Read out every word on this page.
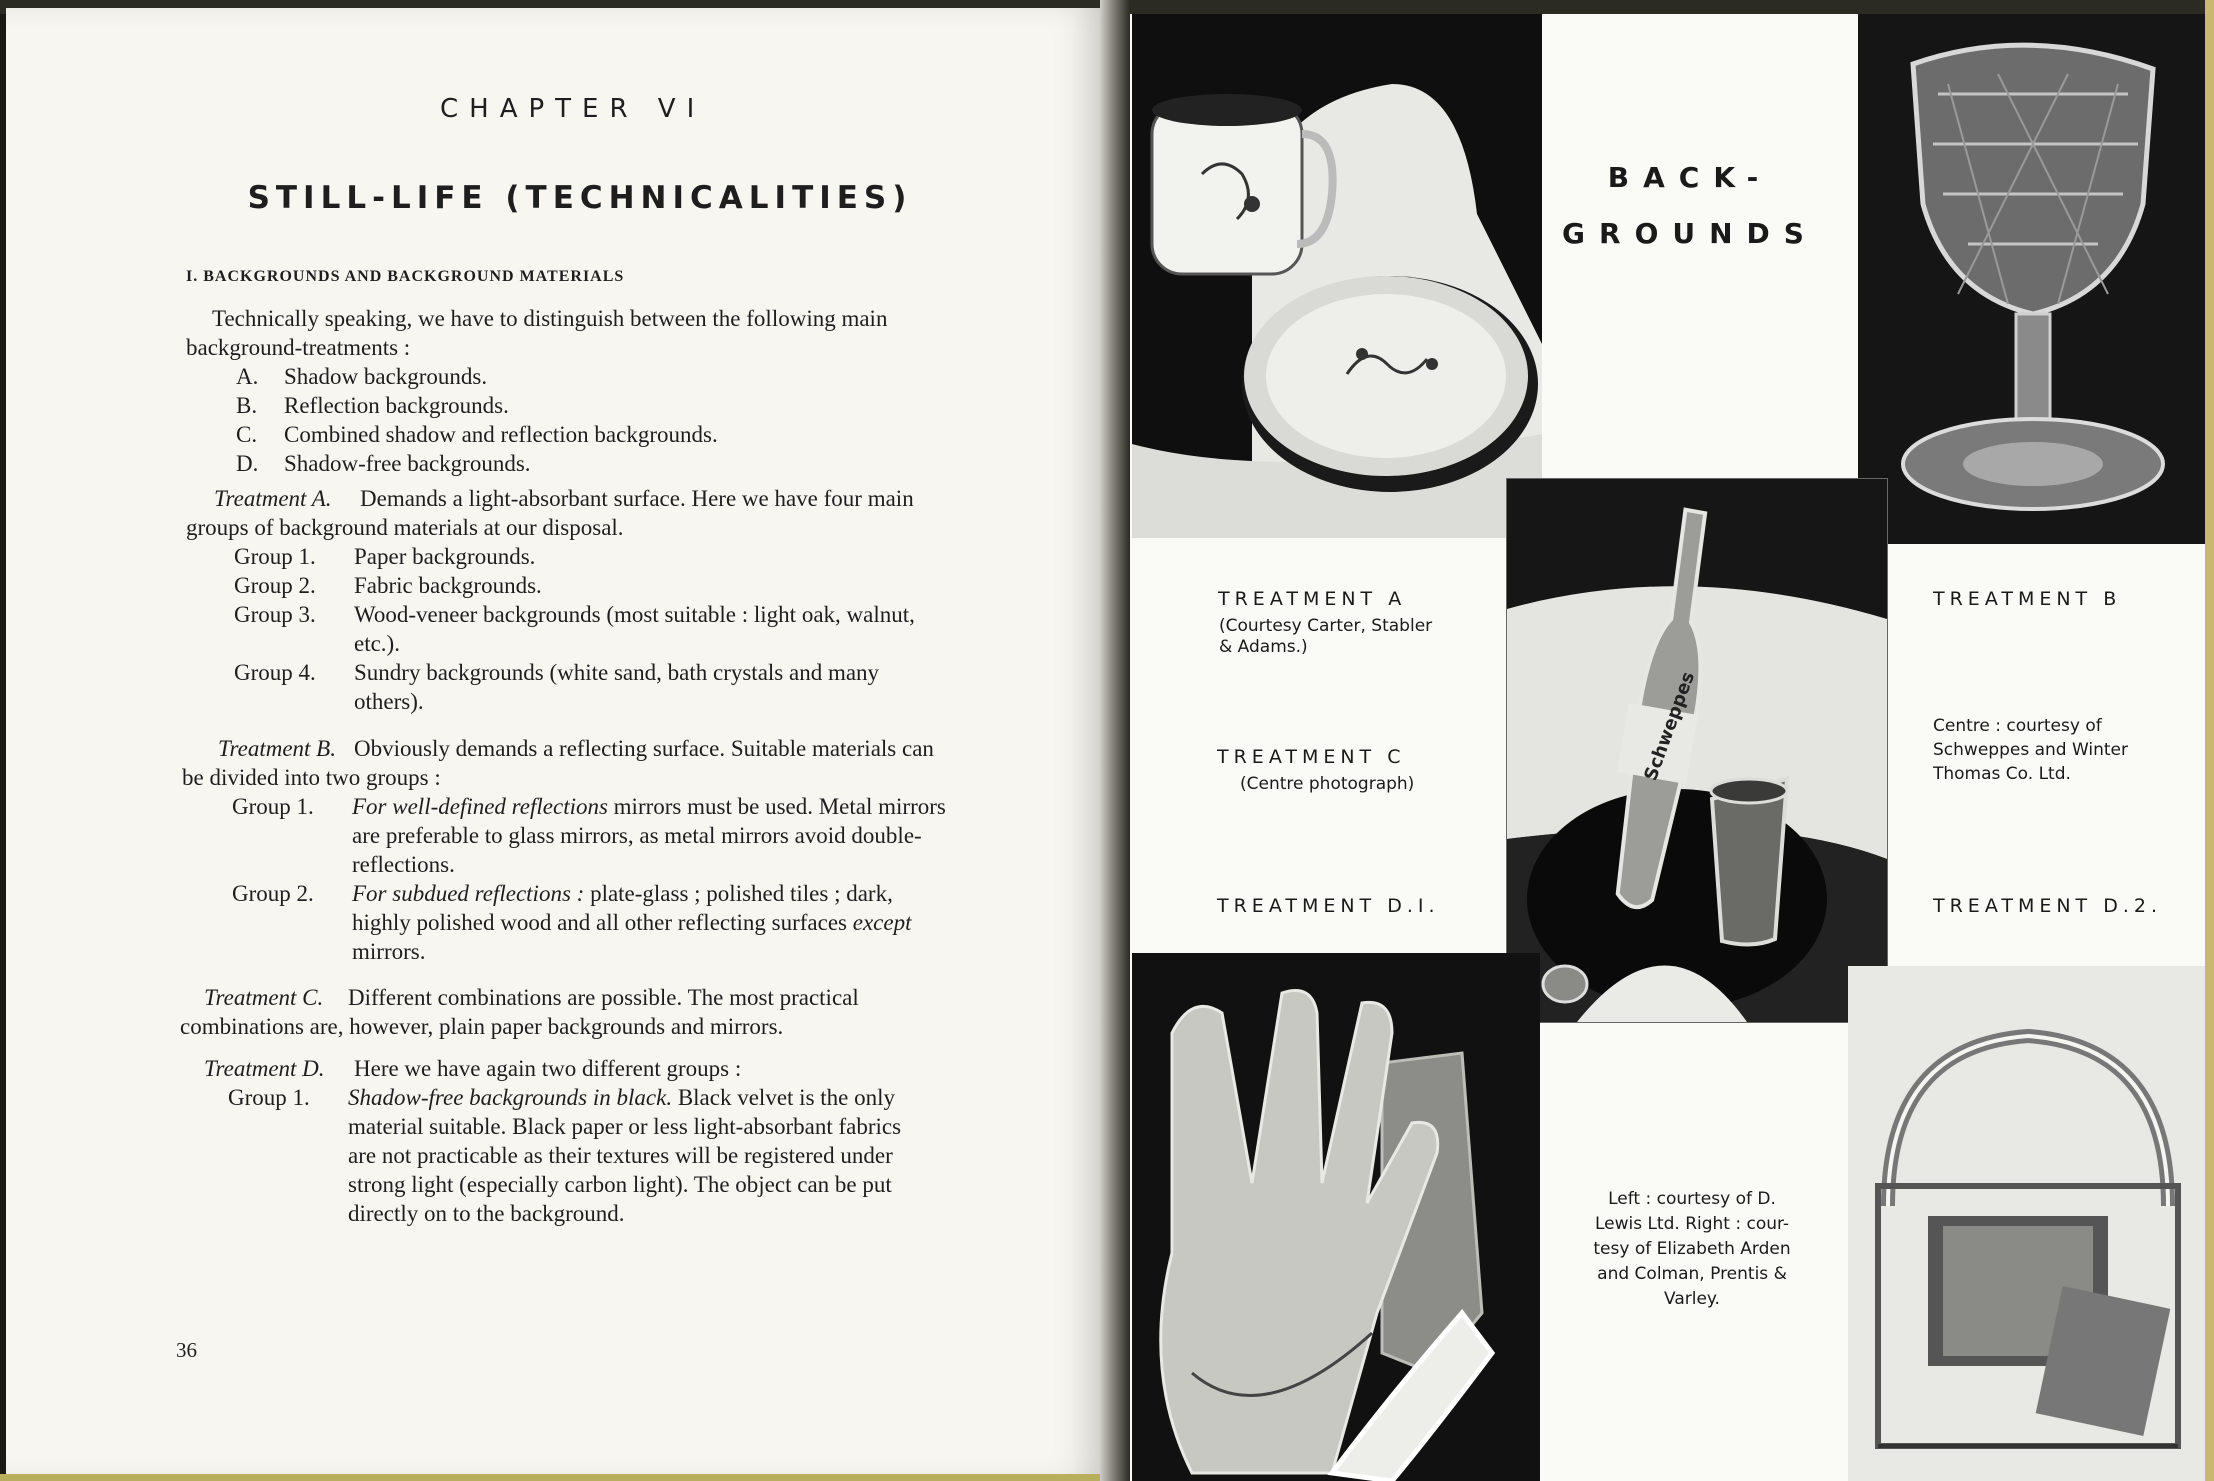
CHAPTER VI
STILL-LIFE (TECHNICALITIES)
I. BACKGROUNDS AND BACKGROUND MATERIALS
Technically speaking, we have to distinguish between the following main
background-treatments :
A. Shadow backgrounds.
B. Reflection backgrounds.
C. Combined shadow and reflection backgrounds.
D. Shadow-free backgrounds.
Treatment A. Demands a light-absorbant surface. Here we have four main
groups of background materials at our disposal.
Group 1. Paper backgrounds.
Group 2. Fabric backgrounds.
Group 3. Wood-veneer backgrounds (most suitable : light oak, walnut,
etc.).
Group 4. Sundry backgrounds (white sand, bath crystals and many
others).
Treatment B. Obviously demands a reflecting surface. Suitable materials can
be divided into two groups :
Group 1. For well-defined reflections mirrors must be used. Metal mirrors
are preferable to glass mirrors, as metal mirrors avoid double-
reflections.
Group 2. For subdued reflections : plate-glass ; polished tiles ; dark,
highly polished wood and all other reflecting surfaces except
mirrors.
Treatment C. Different combinations are possible. The most practical
combinations are, however, plain paper backgrounds and mirrors.
Treatment D. Here we have again two different groups :
Group 1. Shadow-free backgrounds in black. Black velvet is the only
material suitable. Black paper or less light-absorbant fabrics
are not practicable as their textures will be registered under
strong light (especially carbon light). The object can be put
directly on to the background.
36
Schweppes
BACK-
GROUNDS
TREATMENT A
(Courtesy Carter, Stabler
& Adams.)
TREATMENT C
(Centre photograph)
TREATMENT D.I.
TREATMENT B
Centre : courtesy of
Schweppes and Winter
Thomas Co. Ltd.
TREATMENT D.2.
Left : courtesy of D.
Lewis Ltd. Right : cour-
tesy of Elizabeth Arden
and Colman, Prentis &
Varley.
